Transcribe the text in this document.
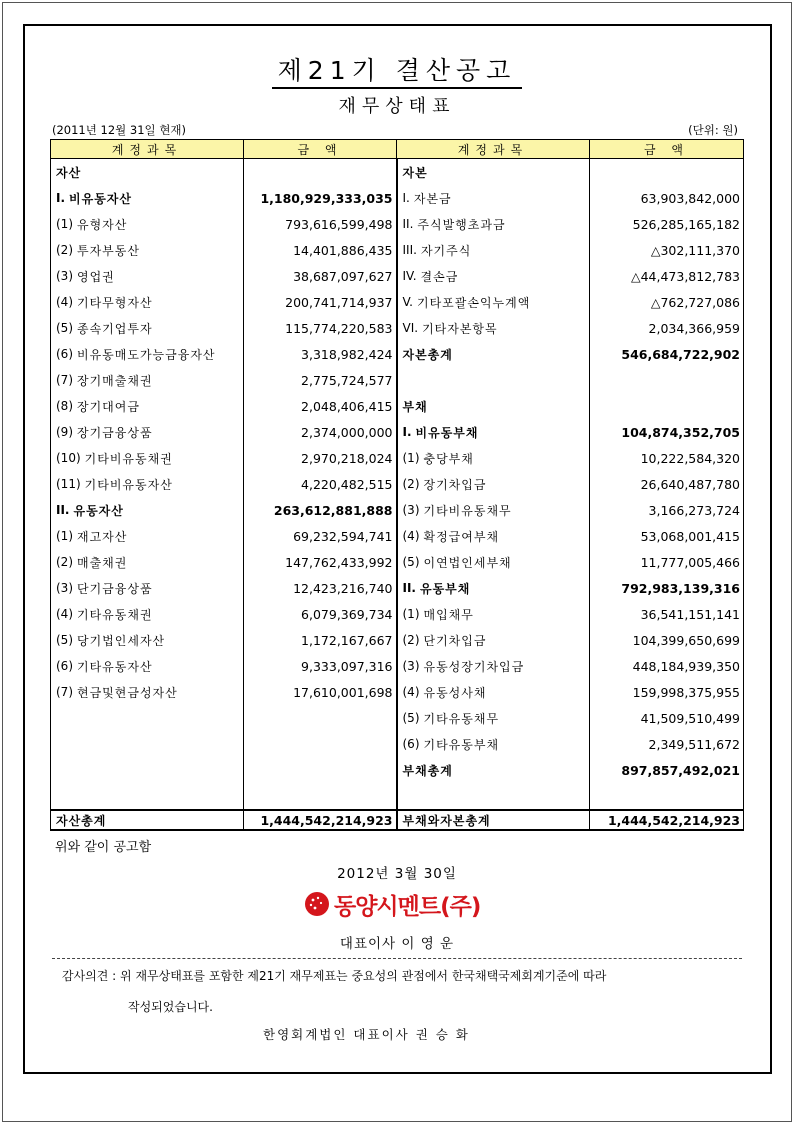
제21기 결산공고
재무상태표
(2011년 12월 31일 현재)	(단위: 원)
계정과목	금 액	계정과목	금 액

자산		자본	

I. 비유동자산	1,180,929,333,035	I. 자본금	63,903,842,000

(1) 유형자산	793,616,599,498	II. 주식발행초과금	526,285,165,182

(2) 투자부동산	14,401,886,435	III. 자기주식	△302,111,370

(3) 영업권	38,687,097,627	IV. 결손금	△44,473,812,783

(4) 기타무형자산	200,741,714,937	V. 기타포괄손익누계액	△762,727,086

(5) 종속기업투자	115,774,220,583	VI. 기타자본항목	2,034,366,959

(6) 비유동매도가능금융자산	3,318,982,424	자본총계	546,684,722,902

(7) 장기매출채권	2,775,724,577	

(8) 장기대여금	2,048,406,415	부채	

(9) 장기금융상품	2,374,000,000	I. 비유동부채	104,874,352,705

(10) 기타비유동채권	2,970,218,024	(1) 충당부채	10,222,584,320

(11) 기타비유동자산	4,220,482,515	(2) 장기차입금	26,640,487,780

II. 유동자산	263,612,881,888	(3) 기타비유동채무	3,166,273,724

(1) 재고자산	69,232,594,741	(4) 확정급여부채	53,068,001,415

(2) 매출채권	147,762,433,992	(5) 이연법인세부채	11,777,005,466

(3) 단기금융상품	12,423,216,740	II. 유동부채	792,983,139,316

(4) 기타유동채권	6,079,369,734	(1) 매입채무	36,541,151,141

(5) 당기법인세자산	1,172,167,667	(2) 단기차입금	104,399,650,699

(6) 기타유동자산	9,333,097,316	(3) 유동성장기차입금	448,184,939,350

(7) 현금및현금성자산	17,610,001,698	(4) 유동성사채	159,998,375,955

		(5) 기타유동채무	41,509,510,499

		(6) 기타유동부채	2,349,511,672

		부채총계	897,857,492,021

자산총계	1,444,542,214,923	부채와자본총계	1,444,542,214,923
위와 같이 공고함
2012년 3월 30일
동양시멘트(주)
대표이사 이 영 운
감사의견 : 위 재무상태표를 포함한 제21기 재무제표는 중요성의 관점에서 한국채택국제회계기준에 따라
작성되었습니다.
한영회계법인 대표이사 권 승 화
